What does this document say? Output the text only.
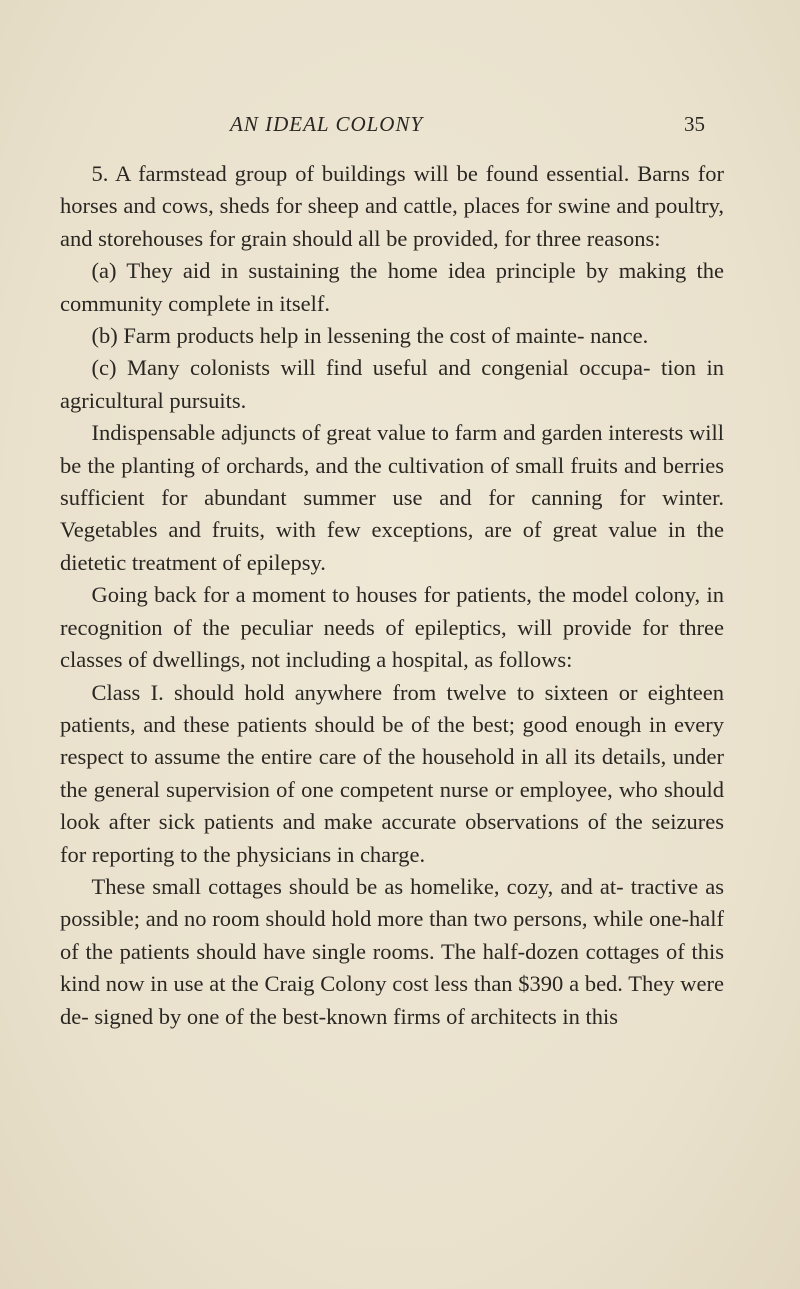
AN IDEAL COLONY	35

5. A farmstead group of buildings will be found essential. Barns for horses and cows, sheds for sheep and cattle, places for swine and poultry, and storehouses for grain should all be provided, for three reasons:

(a) They aid in sustaining the home idea principle by making the community complete in itself.

(b) Farm products help in lessening the cost of mainte- nance.

(c) Many colonists will find useful and congenial occupa- tion in agricultural pursuits.

Indispensable adjuncts of great value to farm and garden interests will be the planting of orchards, and the cultivation of small fruits and berries sufficient for abundant summer use and for canning for winter. Vegetables and fruits, with few exceptions, are of great value in the dietetic treatment of epilepsy.

Going back for a moment to houses for patients, the model colony, in recognition of the peculiar needs of epileptics, will provide for three classes of dwellings, not including a hospital, as follows:

Class I. should hold anywhere from twelve to sixteen or eighteen patients, and these patients should be of the best; good enough in every respect to assume the entire care of the household in all its details, under the general supervision of one competent nurse or employee, who should look after sick patients and make accurate observations of the seizures for reporting to the physicians in charge.

These small cottages should be as homelike, cozy, and at- tractive as possible; and no room should hold more than two persons, while one-half of the patients should have single rooms. The half-dozen cottages of this kind now in use at the Craig Colony cost less than $390 a bed. They were de- signed by one of the best-known firms of architects in this
